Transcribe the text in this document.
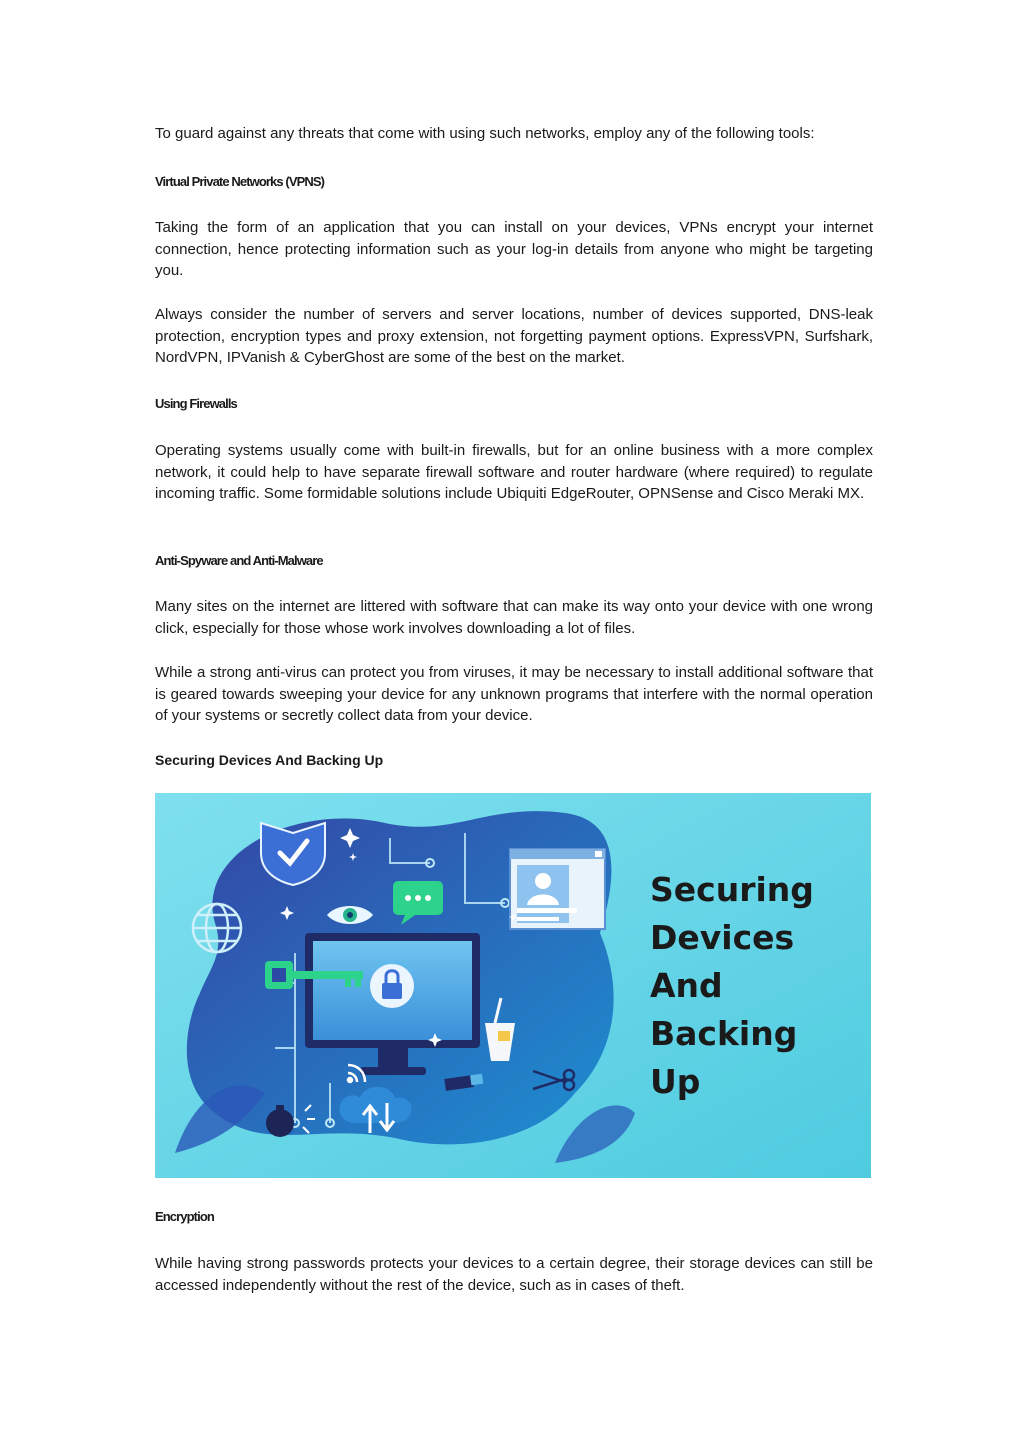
To guard against any threats that come with using such networks, employ any of the following tools:

Virtual Private Networks (VPNS)

Taking the form of an application that you can install on your devices, VPNs encrypt your internet connection, hence protecting information such as your log-in details from anyone who might be targeting you.

Always consider the number of servers and server locations, number of devices supported, DNS-leak protection, encryption types and proxy extension, not forgetting payment options. ExpressVPN, Surfshark, NordVPN, IPVanish & CyberGhost are some of the best on the market.

Using Firewalls

Operating systems usually come with built-in firewalls, but for an online business with a more complex network, it could help to have separate firewall software and router hardware (where required) to regulate incoming traffic. Some formidable solutions include Ubiquiti EdgeRouter, OPNSense and Cisco Meraki MX.

Anti-Spyware and Anti-Malware

Many sites on the internet are littered with software that can make its way onto your device with one wrong click, especially for those whose work involves downloading a lot of files.

While a strong anti-virus can protect you from viruses, it may be necessary to install additional software that is geared towards sweeping your device for any unknown programs that interfere with the normal operation of your systems or secretly collect data from your device.

Securing Devices And Backing Up
Securing
Devices
And
Backing
Up
Encryption

While having strong passwords protects your devices to a certain degree, their storage devices can still be accessed independently without the rest of the device, such as in cases of theft.
